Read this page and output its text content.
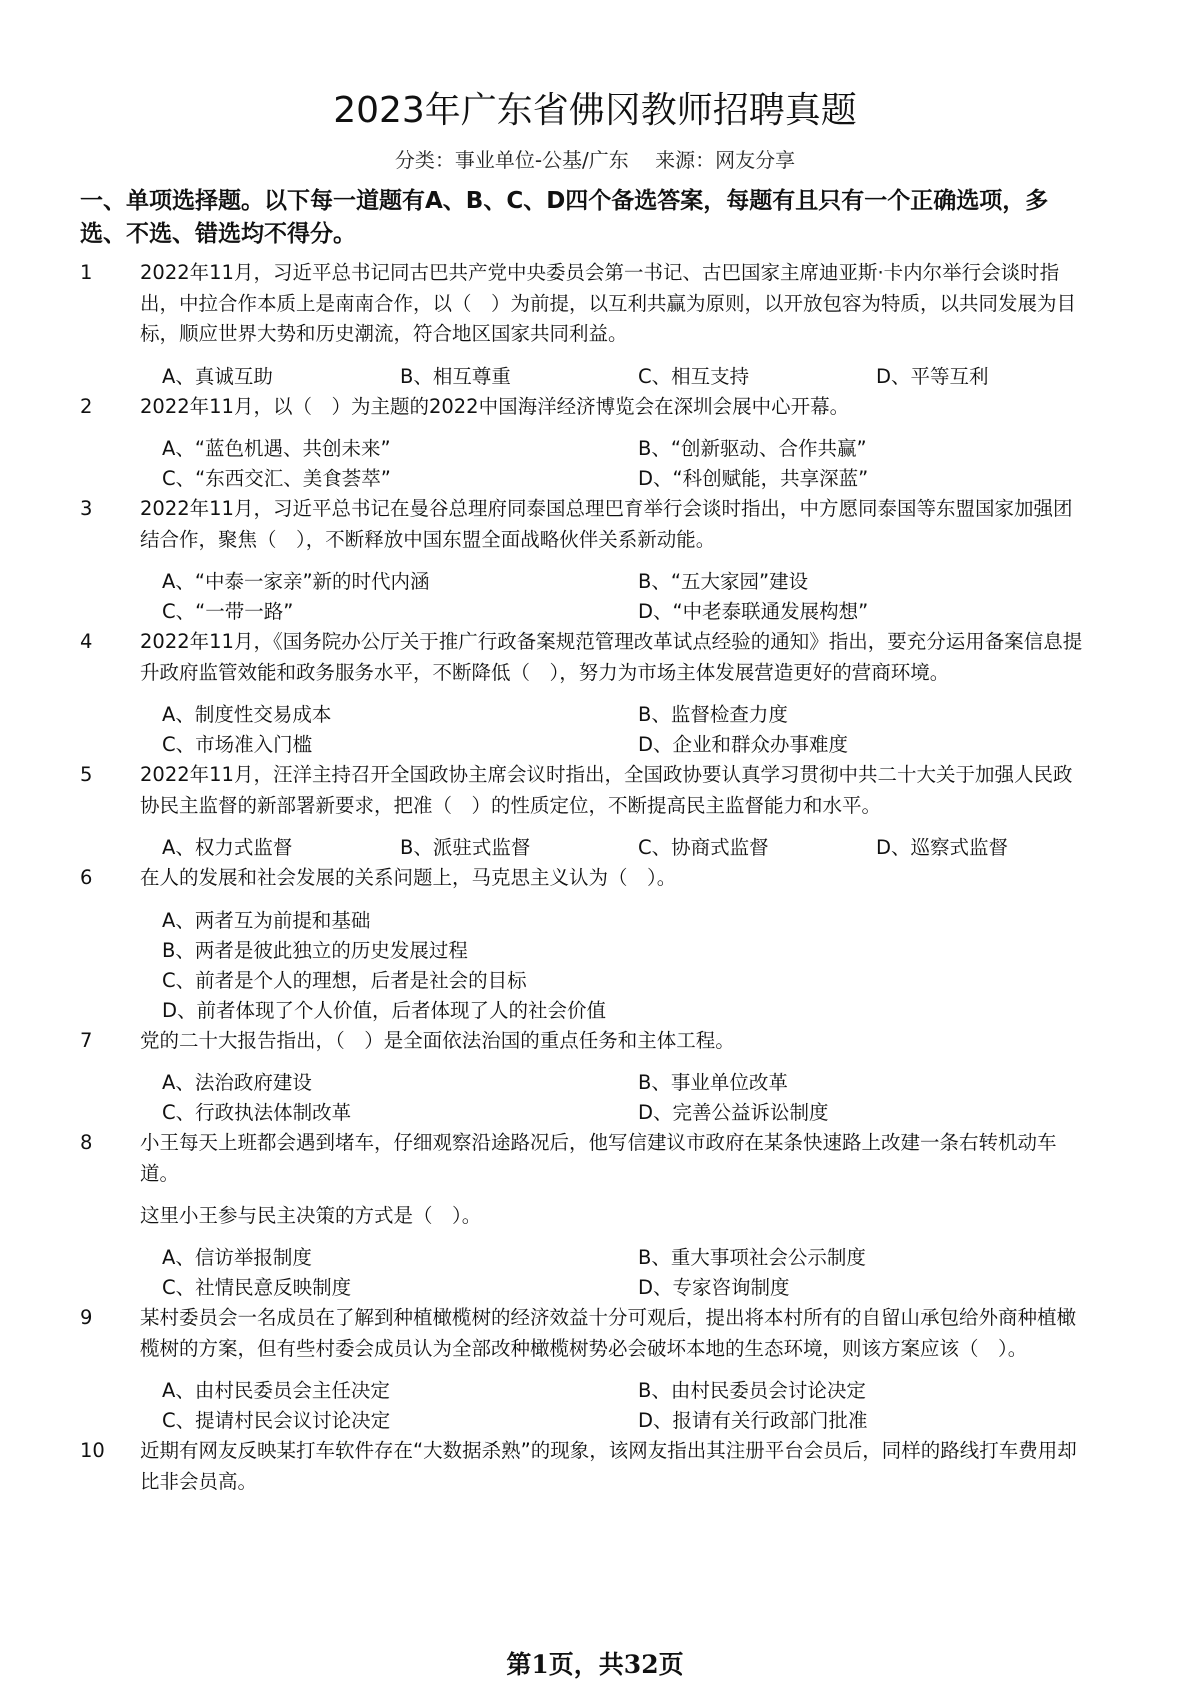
2023年广东省佛冈教师招聘真题
分类：事业单位-公基/广东 来源：网友分享
一、单项选择题。以下每一道题有A、B、C、D四个备选答案，每题有且只有一个正确选项，多选、不选、错选均不得分。
1	2022年11月，习近平总书记同古巴共产党中央委员会第一书记、古巴国家主席迪亚斯·卡内尔举行会谈时指出，中拉合作本质上是南南合作，以（　）为前提，以互利共赢为原则，以开放包容为特质，以共同发展为目标，顺应世界大势和历史潮流，符合地区国家共同利益。
A、真诚互助	B、相互尊重	C、相互支持	D、平等互利
2	2022年11月，以（　）为主题的2022中国海洋经济博览会在深圳会展中心开幕。
A、“蓝色机遇、共创未来”	B、“创新驱动、合作共赢”
C、“东西交汇、美食荟萃”	D、“科创赋能，共享深蓝”
3	2022年11月，习近平总书记在曼谷总理府同泰国总理巴育举行会谈时指出，中方愿同泰国等东盟国家加强团结合作，聚焦（　），不断释放中国东盟全面战略伙伴关系新动能。
A、“中泰一家亲”新的时代内涵	B、“五大家园”建设
C、“一带一路”	D、“中老泰联通发展构想”
4	2022年11月，《国务院办公厅关于推广行政备案规范管理改革试点经验的通知》指出，要充分运用备案信息提升政府监管效能和政务服务水平，不断降低（　），努力为市场主体发展营造更好的营商环境。
A、制度性交易成本	B、监督检查力度
C、市场准入门槛	D、企业和群众办事难度
5	2022年11月，汪洋主持召开全国政协主席会议时指出，全国政协要认真学习贯彻中共二十大关于加强人民政协民主监督的新部署新要求，把准（　）的性质定位，不断提高民主监督能力和水平。
A、权力式监督	B、派驻式监督	C、协商式监督	D、巡察式监督
6	在人的发展和社会发展的关系问题上，马克思主义认为（　）。
A、两者互为前提和基础
B、两者是彼此独立的历史发展过程
C、前者是个人的理想，后者是社会的目标
D、前者体现了个人价值，后者体现了人的社会价值
7	党的二十大报告指出，（　）是全面依法治国的重点任务和主体工程。
A、法治政府建设	B、事业单位改革
C、行政执法体制改革	D、完善公益诉讼制度
8	小王每天上班都会遇到堵车，仔细观察沿途路况后，他写信建议市政府在某条快速路上改建一条右转机动车道。
这里小王参与民主决策的方式是（　）。
A、信访举报制度	B、重大事项社会公示制度
C、社情民意反映制度	D、专家咨询制度
9	某村委员会一名成员在了解到种植橄榄树的经济效益十分可观后，提出将本村所有的自留山承包给外商种植橄榄树的方案，但有些村委会成员认为全部改种橄榄树势必会破坏本地的生态环境，则该方案应该（　）。
A、由村民委员会主任决定	B、由村民委员会讨论决定
C、提请村民会议讨论决定	D、报请有关行政部门批准
10	近期有网友反映某打车软件存在“大数据杀熟”的现象，该网友指出其注册平台会员后，同样的路线打车费用却比非会员高。
第1页，共32页
